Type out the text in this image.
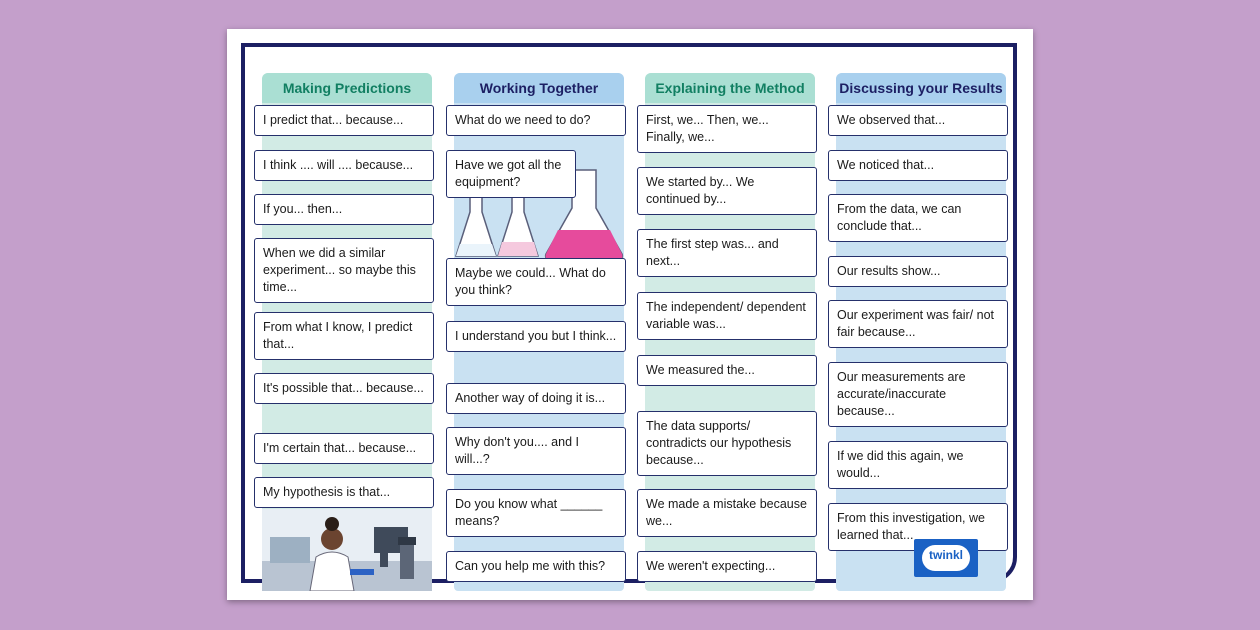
Making Predictions
I predict that... because...
I think .... will .... because...
If you... then...
When we did a similar experiment... so maybe this time...
From what I know, I predict that...
It's possible that... because...
I'm certain that... because...
My hypothesis is that...
Working Together
What do we need to do?
Have we got all the equipment?
Maybe we could... What do you think?
I understand you but I think...
Another way of doing it is...
Why don't you.... and I will...?
Do you know what ______ means?
Can you help me with this?
Explaining the Method
First, we... Then, we... Finally, we...
We started by... We continued by...
The first step was... and next...
The independent/ dependent variable was...
We measured the...
The data supports/ contradicts our hypothesis because...
We made a mistake because we...
We weren't expecting...
Discussing your Results
We observed that...
We noticed that...
From the data, we can conclude that...
Our results show...
Our experiment was fair/ not fair because...
Our measurements are accurate/inaccurate because...
If we did this again, we would...
From this investigation, we learned that...
twinkl
